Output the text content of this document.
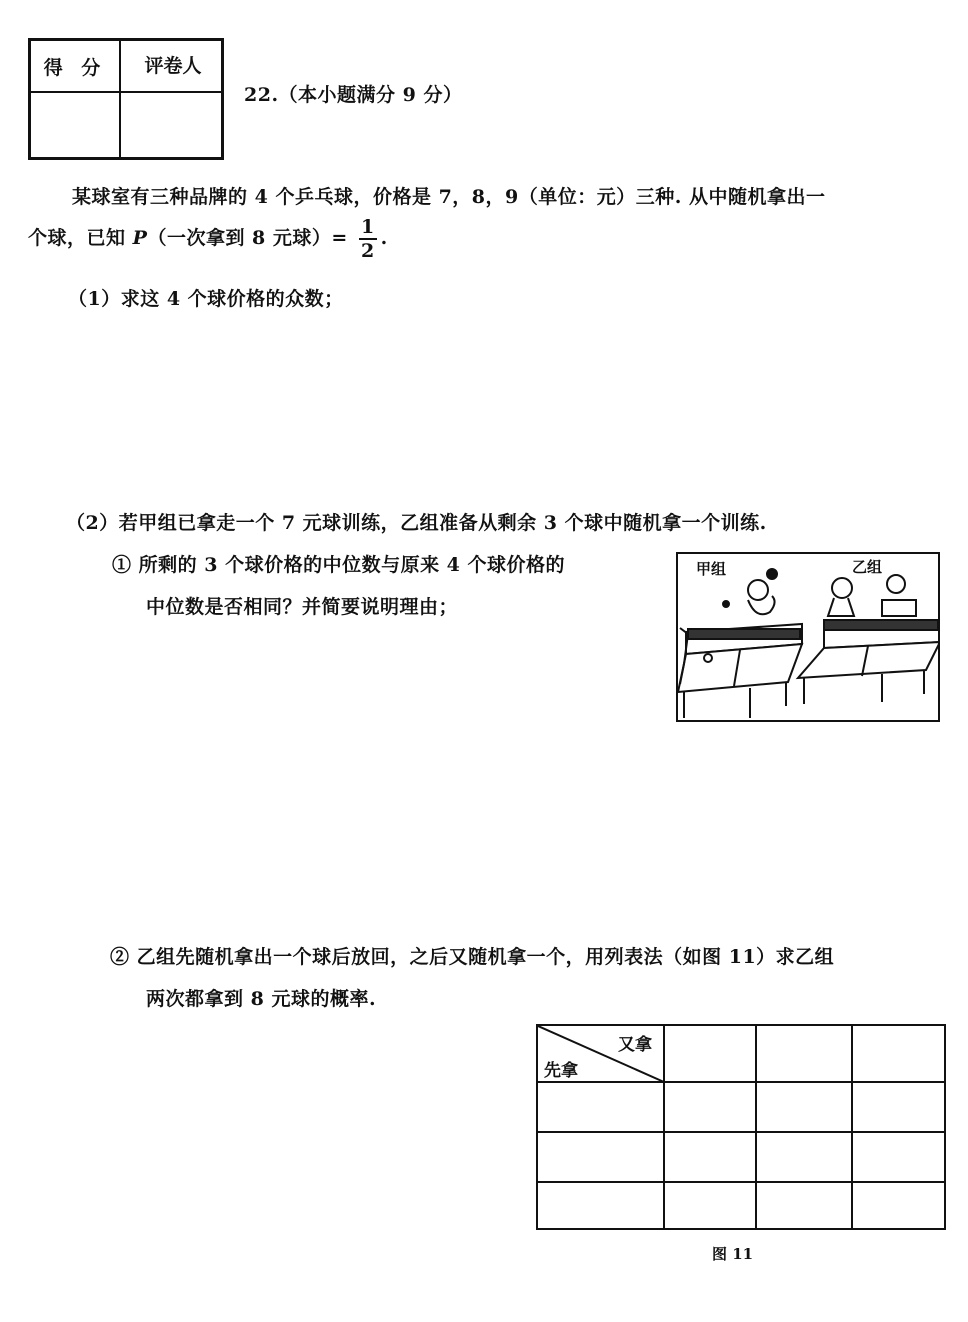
得 分	评卷人
22.（本小题满分 9 分）
某球室有三种品牌的 4 个乒乓球，价格是 7，8，9（单位：元）三种. 从中随机拿出一
个球，已知 P（一次拿到 8 元球）= $\frac{1}{2}$ .
（1）求这 4 个球价格的众数；
（2）若甲组已拿走一个 7 元球训练，乙组准备从剩余 3 个球中随机拿一个训练.
① 所剩的 3 个球价格的中位数与原来 4 个球价格的
中位数是否相同？并简要说明理由；
甲组	乙组
② 乙组先随机拿出一个球后放回，之后又随机拿一个，用列表法（如图 11）求乙组
两次都拿到 8 元球的概率.
又拿
先拿
图 11
